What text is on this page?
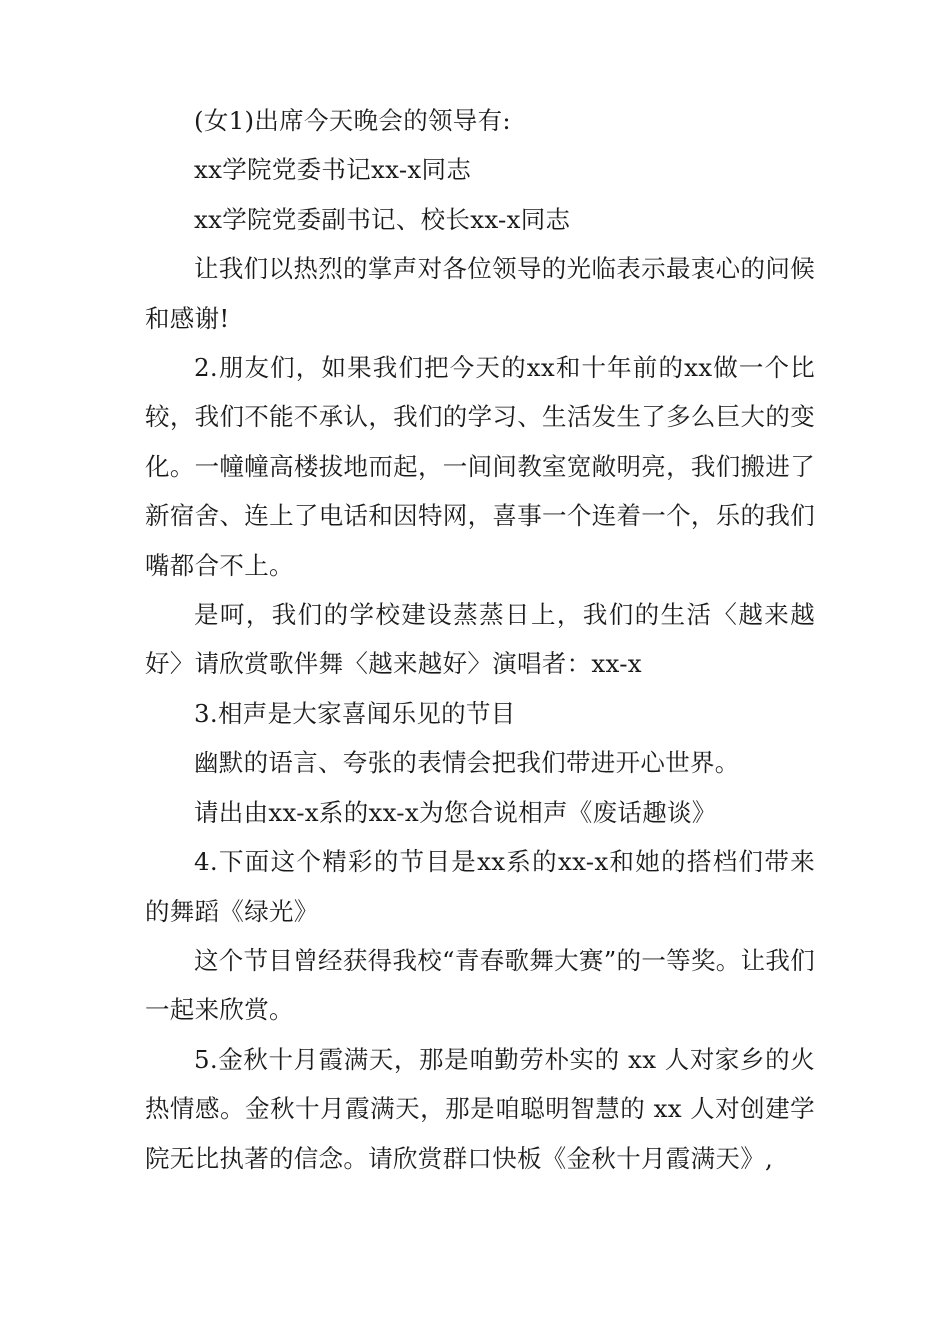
(女1)出席今天晚会的领导有:

xx学院党委书记xx-x同志

xx学院党委副书记、校长xx-x同志

让我们以热烈的掌声对各位领导的光临表示最衷心的问候和感谢!

2.朋友们，如果我们把今天的xx和十年前的xx做一个比较，我们不能不承认，我们的学习、生活发生了多么巨大的变化。一幢幢高楼拔地而起，一间间教室宽敞明亮，我们搬进了新宿舍、连上了电话和因特网，喜事一个连着一个，乐的我们嘴都合不上。

是呵，我们的学校建设蒸蒸日上，我们的生活〈越来越好〉请欣赏歌伴舞〈越来越好〉演唱者：xx-x

3.相声是大家喜闻乐见的节目

幽默的语言、夸张的表情会把我们带进开心世界。

请出由xx-x系的xx-x为您合说相声《废话趣谈》

4.下面这个精彩的节目是xx系的xx-x和她的搭档们带来的舞蹈《绿光》

这个节目曾经获得我校“青春歌舞大赛”的一等奖。让我们一起来欣赏。

5.金秋十月霞满天，那是咱勤劳朴实的 xx 人对家乡的火热情感。金秋十月霞满天，那是咱聪明智慧的 xx 人对创建学院无比执著的信念。请欣赏群口快板《金秋十月霞满天》,
